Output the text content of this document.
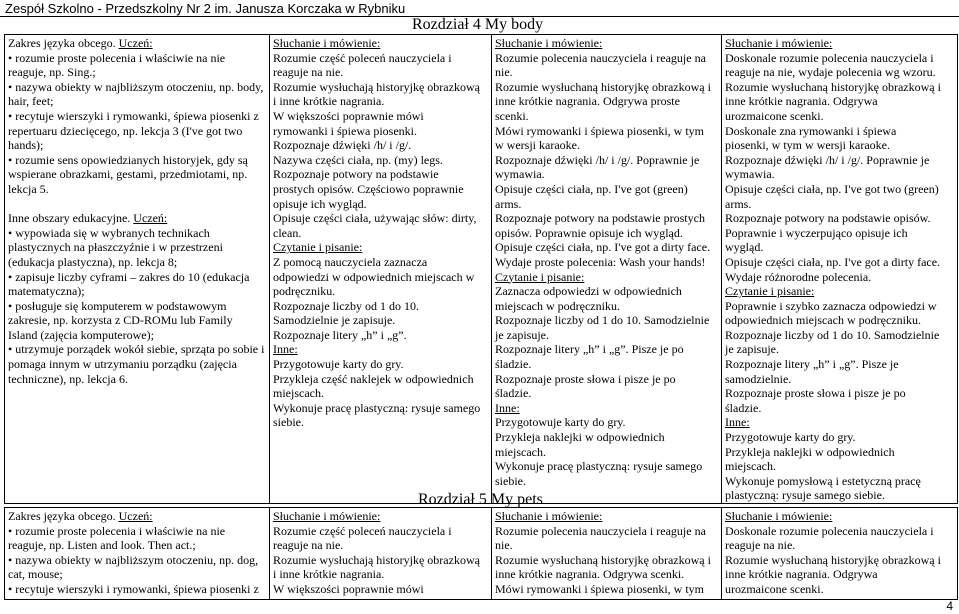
Zespół Szkolno - Przedszkolny Nr 2 im. Janusza Korczaka w Rybniku
Rozdział 4 My body
Zakres języka obcego. Uczeń:
• rozumie proste polecenia i właściwie na nie
reaguje, np. Sing.;
• nazywa obiekty w najbliższym otoczeniu, np. body,
hair, feet;
• recytuje wierszyki i rymowanki, śpiewa piosenki z
repertuaru dziecięcego, np. lekcja 3 (I've got two
hands);
• rozumie sens opowiedzianych historyjek, gdy są
wspierane obrazkami, gestami, przedmiotami, np.
lekcja 5.

Inne obszary edukacyjne. Uczeń:
• wypowiada się w wybranych technikach
plastycznych na płaszczyźnie i w przestrzeni
(edukacja plastyczna), np. lekcja 8;
• zapisuje liczby cyframi – zakres do 10 (edukacja
matematyczna);
• posługuje się komputerem w podstawowym
zakresie, np. korzysta z CD-ROMu lub Family
Island (zajęcia komputerowe);
• utrzymuje porządek wokół siebie, sprząta po sobie i
pomaga innym w utrzymaniu porządku (zajęcia
techniczne), np. lekcja 6.

Słuchanie i mówienie:
Rozumie część poleceń nauczyciela i
reaguje na nie.
Rozumie wysłuchają historyjkę obrazkową
i inne krótkie nagrania.
W większości poprawnie mówi
rymowanki i śpiewa piosenki.
Rozpoznaje dźwięki /h/ i /g/.
Nazywa części ciała, np. (my) legs.
Rozpoznaje potwory na podstawie
prostych opisów. Częściowo poprawnie
opisuje ich wygląd.
Opisuje części ciała, używając słów: dirty,
clean.
Czytanie i pisanie:
Z pomocą nauczyciela zaznacza
odpowiedzi w odpowiednich miejscach w
podręczniku.
Rozpoznaje liczby od 1 do 10.
Samodzielnie je zapisuje.
Rozpoznaje litery „h” i „g”.
Inne:
Przygotowuje karty do gry.
Przykleja część naklejek w odpowiednich
miejscach.
Wykonuje pracę plastyczną: rysuje samego
siebie.

Słuchanie i mówienie:
Rozumie polecenia nauczyciela i reaguje na
nie.
Rozumie wysłuchaną historyjkę obrazkową i
inne krótkie nagrania. Odgrywa proste
scenki.
Mówi rymowanki i śpiewa piosenki, w tym
w wersji karaoke.
Rozpoznaje dźwięki /h/ i /g/. Poprawnie je
wymawia.
Opisuje części ciała, np. I've got (green)
arms.
Rozpoznaje potwory na podstawie prostych
opisów. Poprawnie opisuje ich wygląd.
Opisuje części ciała, np. I've got a dirty face.
Wydaje proste polecenia: Wash your hands!
Czytanie i pisanie:
Zaznacza odpowiedzi w odpowiednich
miejscach w podręczniku.
Rozpoznaje liczby od 1 do 10. Samodzielnie
je zapisuje.
Rozpoznaje litery „h” i „g”. Pisze je po
śladzie.
Rozpoznaje proste słowa i pisze je po
śladzie.
Inne:
Przygotowuje karty do gry.
Przykleja naklejki w odpowiednich
miejscach.
Wykonuje pracę plastyczną: rysuje samego
siebie.

Słuchanie i mówienie:
Doskonale rozumie polecenia nauczyciela i
reaguje na nie, wydaje polecenia wg wzoru.
Rozumie wysłuchaną historyjkę obrazkową i
inne krótkie nagrania. Odgrywa
urozmaicone scenki.
Doskonale zna rymowanki i śpiewa
piosenki, w tym w wersji karaoke.
Rozpoznaje dźwięki /h/ i /g/. Poprawnie je
wymawia.
Opisuje części ciała, np. I've got two (green)
arms.
Rozpoznaje potwory na podstawie opisów.
Poprawnie i wyczerpująco opisuje ich
wygląd.
Opisuje części ciała, np. I've got a dirty face.
Wydaje różnorodne polecenia.
Czytanie i pisanie:
Poprawnie i szybko zaznacza odpowiedzi w
odpowiednich miejscach w podręczniku.
Rozpoznaje liczby od 1 do 10. Samodzielnie
je zapisuje.
Rozpoznaje litery „h” i „g”. Pisze je
samodzielnie.
Rozpoznaje proste słowa i pisze je po
śladzie.
Inne:
Przygotowuje karty do gry.
Przykleja naklejki w odpowiednich
miejscach.
Wykonuje pomysłową i estetyczną pracę
plastyczną: rysuje samego siebie.
Rozdział 5 My pets
Zakres języka obcego. Uczeń:
• rozumie proste polecenia i właściwie na nie
reaguje, np. Listen and look. Then act.;
• nazywa obiekty w najbliższym otoczeniu, np. dog,
cat, mouse;
• recytuje wierszyki i rymowanki, śpiewa piosenki z

Słuchanie i mówienie:
Rozumie część poleceń nauczyciela i
reaguje na nie.
Rozumie wysłuchają historyjkę obrazkową
i inne krótkie nagrania.
W większości poprawnie mówi

Słuchanie i mówienie:
Rozumie polecenia nauczyciela i reaguje na
nie.
Rozumie wysłuchaną historyjkę obrazkową i
inne krótkie nagrania. Odgrywa scenki.
Mówi rymowanki i śpiewa piosenki, w tym

Słuchanie i mówienie:
Doskonale rozumie polecenia nauczyciela i
reaguje na nie.
Rozumie wysłuchaną historyjkę obrazkową i
inne krótkie nagrania. Odgrywa
urozmaicone scenki.
4
